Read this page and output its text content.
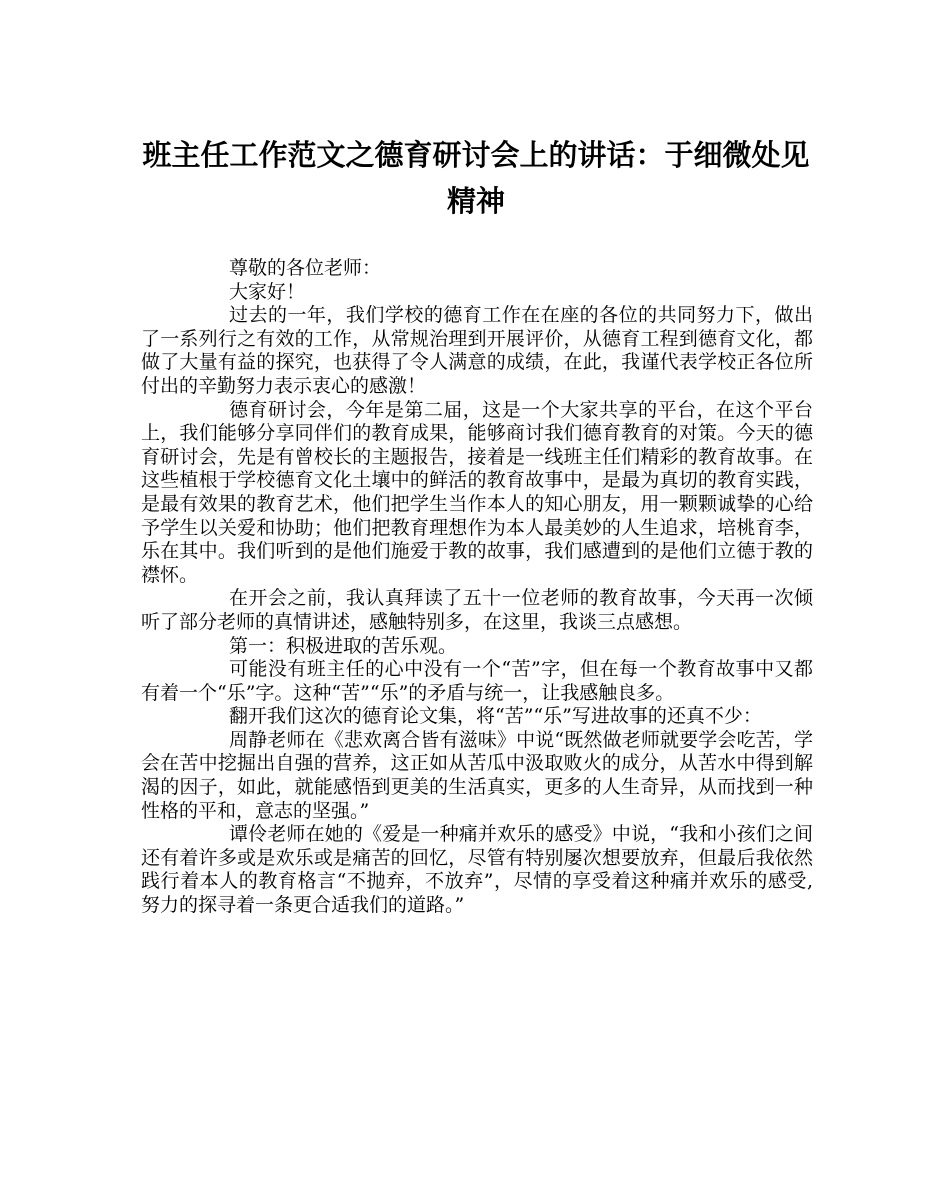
班主任工作范文之德育研讨会上的讲话：于细微处见精神

尊敬的各位老师：

大家好！

过去的一年，我们学校的德育工作在在座的各位的共同努力下，做出了一系列行之有效的工作，从常规治理到开展评价，从德育工程到德育文化，都做了大量有益的探究，也获得了令人满意的成绩，在此，我谨代表学校正各位所付出的辛勤努力表示衷心的感激！

德育研讨会，今年是第二届，这是一个大家共享的平台，在这个平台上，我们能够分享同伴们的教育成果，能够商讨我们德育教育的对策。今天的德育研讨会，先是有曾校长的主题报告，接着是一线班主任们精彩的教育故事。在这些植根于学校德育文化土壤中的鲜活的教育故事中，是最为真切的教育实践，是最有效果的教育艺术，他们把学生当作本人的知心朋友，用一颗颗诚挚的心给予学生以关爱和协助；他们把教育理想作为本人最美妙的人生追求，培桃育李，乐在其中。我们听到的是他们施爱于教的故事，我们感遭到的是他们立德于教的襟怀。

在开会之前，我认真拜读了五十一位老师的教育故事，今天再一次倾听了部分老师的真情讲述，感触特别多，在这里，我谈三点感想。

第一：积极进取的苦乐观。

可能没有班主任的心中没有一个“苦”字，但在每一个教育故事中又都有着一个“乐”字。这种“苦”“乐”的矛盾与统一，让我感触良多。

翻开我们这次的德育论文集，将“苦”“乐”写进故事的还真不少：

周静老师在《悲欢离合皆有滋味》中说“既然做老师就要学会吃苦，学会在苦中挖掘出自强的营养，这正如从苦瓜中汲取败火的成分，从苦水中得到解渴的因子，如此，就能感悟到更美的生活真实，更多的人生奇异，从而找到一种性格的平和，意志的坚强。”

谭伶老师在她的《爱是一种痛并欢乐的感受》中说，“我和小孩们之间还有着许多或是欢乐或是痛苦的回忆，尽管有特别屡次想要放弃，但最后我依然践行着本人的教育格言“不抛弃，不放弃”，尽情的享受着这种痛并欢乐的感受, 努力的探寻着一条更合适我们的道路。”
